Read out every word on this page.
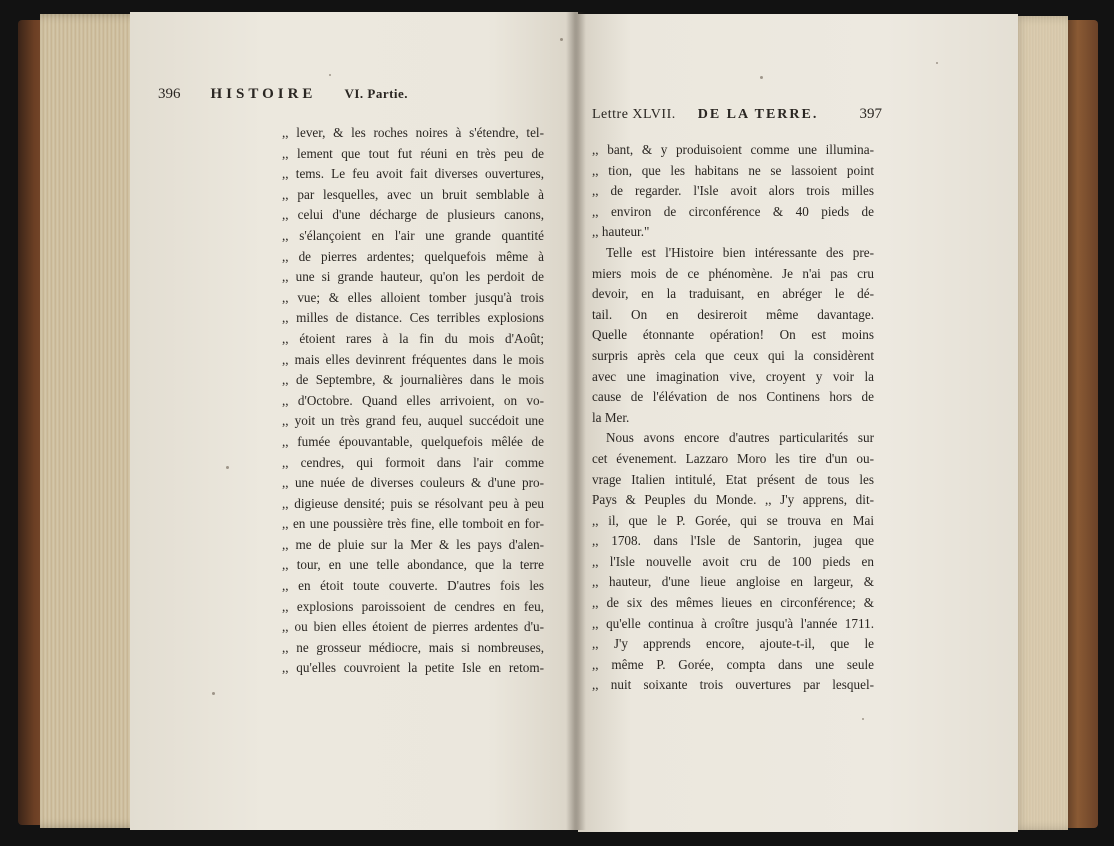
396 HISTOIRE VI. Partie.
Lettre XLVII. DE LA TERRE.	397
,, lever, & les roches noires à s'étendre, tel-
,, lement que tout fut réuni en très peu de
,, tems. Le feu avoit fait diverses ouvertures,
,, par lesquelles, avec un bruit semblable à
,, celui d'une décharge de plusieurs canons,
,, s'élançoient en l'air une grande quantité
,, de pierres ardentes; quelquefois même à
,, une si grande hauteur, qu'on les perdoit de
,, vue; & elles alloient tomber jusqu'à trois
,, milles de distance. Ces terribles explosions
,, étoient rares à la fin du mois d'Août;
,, mais elles devinrent fréquentes dans le mois
,, de Septembre, & journalières dans le mois
,, d'Octobre. Quand elles arrivoient, on vo-
,, yoit un très grand feu, auquel succédoit une
,, fumée épouvantable, quelquefois mêlée de
,, cendres, qui formoit dans l'air comme
,, une nuée de diverses couleurs & d'une pro-
,, digieuse densité; puis se résolvant peu à peu
,, en une poussière très fine, elle tomboit en for-
,, me de pluie sur la Mer & les pays d'alen-
,, tour, en une telle abondance, que la terre
,, en étoit toute couverte. D'autres fois les
,, explosions paroissoient de cendres en feu,
,, ou bien elles étoient de pierres ardentes d'u-
,, ne grosseur médiocre, mais si nombreuses,
,, qu'elles couvroient la petite Isle en retom-
,, bant, & y produisoient comme une illumina-
,, tion, que les habitans ne se lassoient point
,, de regarder. l'Isle avoit alors trois milles
,, environ de circonférence & 40 pieds de
,, hauteur."
Telle est l'Histoire bien intéressante des pre-
miers mois de ce phénomène. Je n'ai pas cru
devoir, en la traduisant, en abréger le dé-
tail. On en desireroit même davantage.
Quelle étonnante opération! On est moins
surpris après cela que ceux qui la considèrent
avec une imagination vive, croyent y voir la
cause de l'élévation de nos Continens hors de
la Mer.
Nous avons encore d'autres particularités sur
cet évenement. Lazzaro Moro les tire d'un ou-
vrage Italien intitulé, Etat présent de tous les
Pays & Peuples du Monde. ,, J'y apprens, dit-
,, il, que le P. Gorée, qui se trouva en Mai
,, 1708. dans l'Isle de Santorin, jugea que
,, l'Isle nouvelle avoit cru de 100 pieds en
,, hauteur, d'une lieue angloise en largeur, &
,, de six des mêmes lieues en circonférence; &
,, qu'elle continua à croître jusqu'à l'année 1711.
,, J'y apprends encore, ajoute-t-il, que le
,, même P. Gorée, compta dans une seule
,, nuit soixante trois ouvertures par lesquel-
